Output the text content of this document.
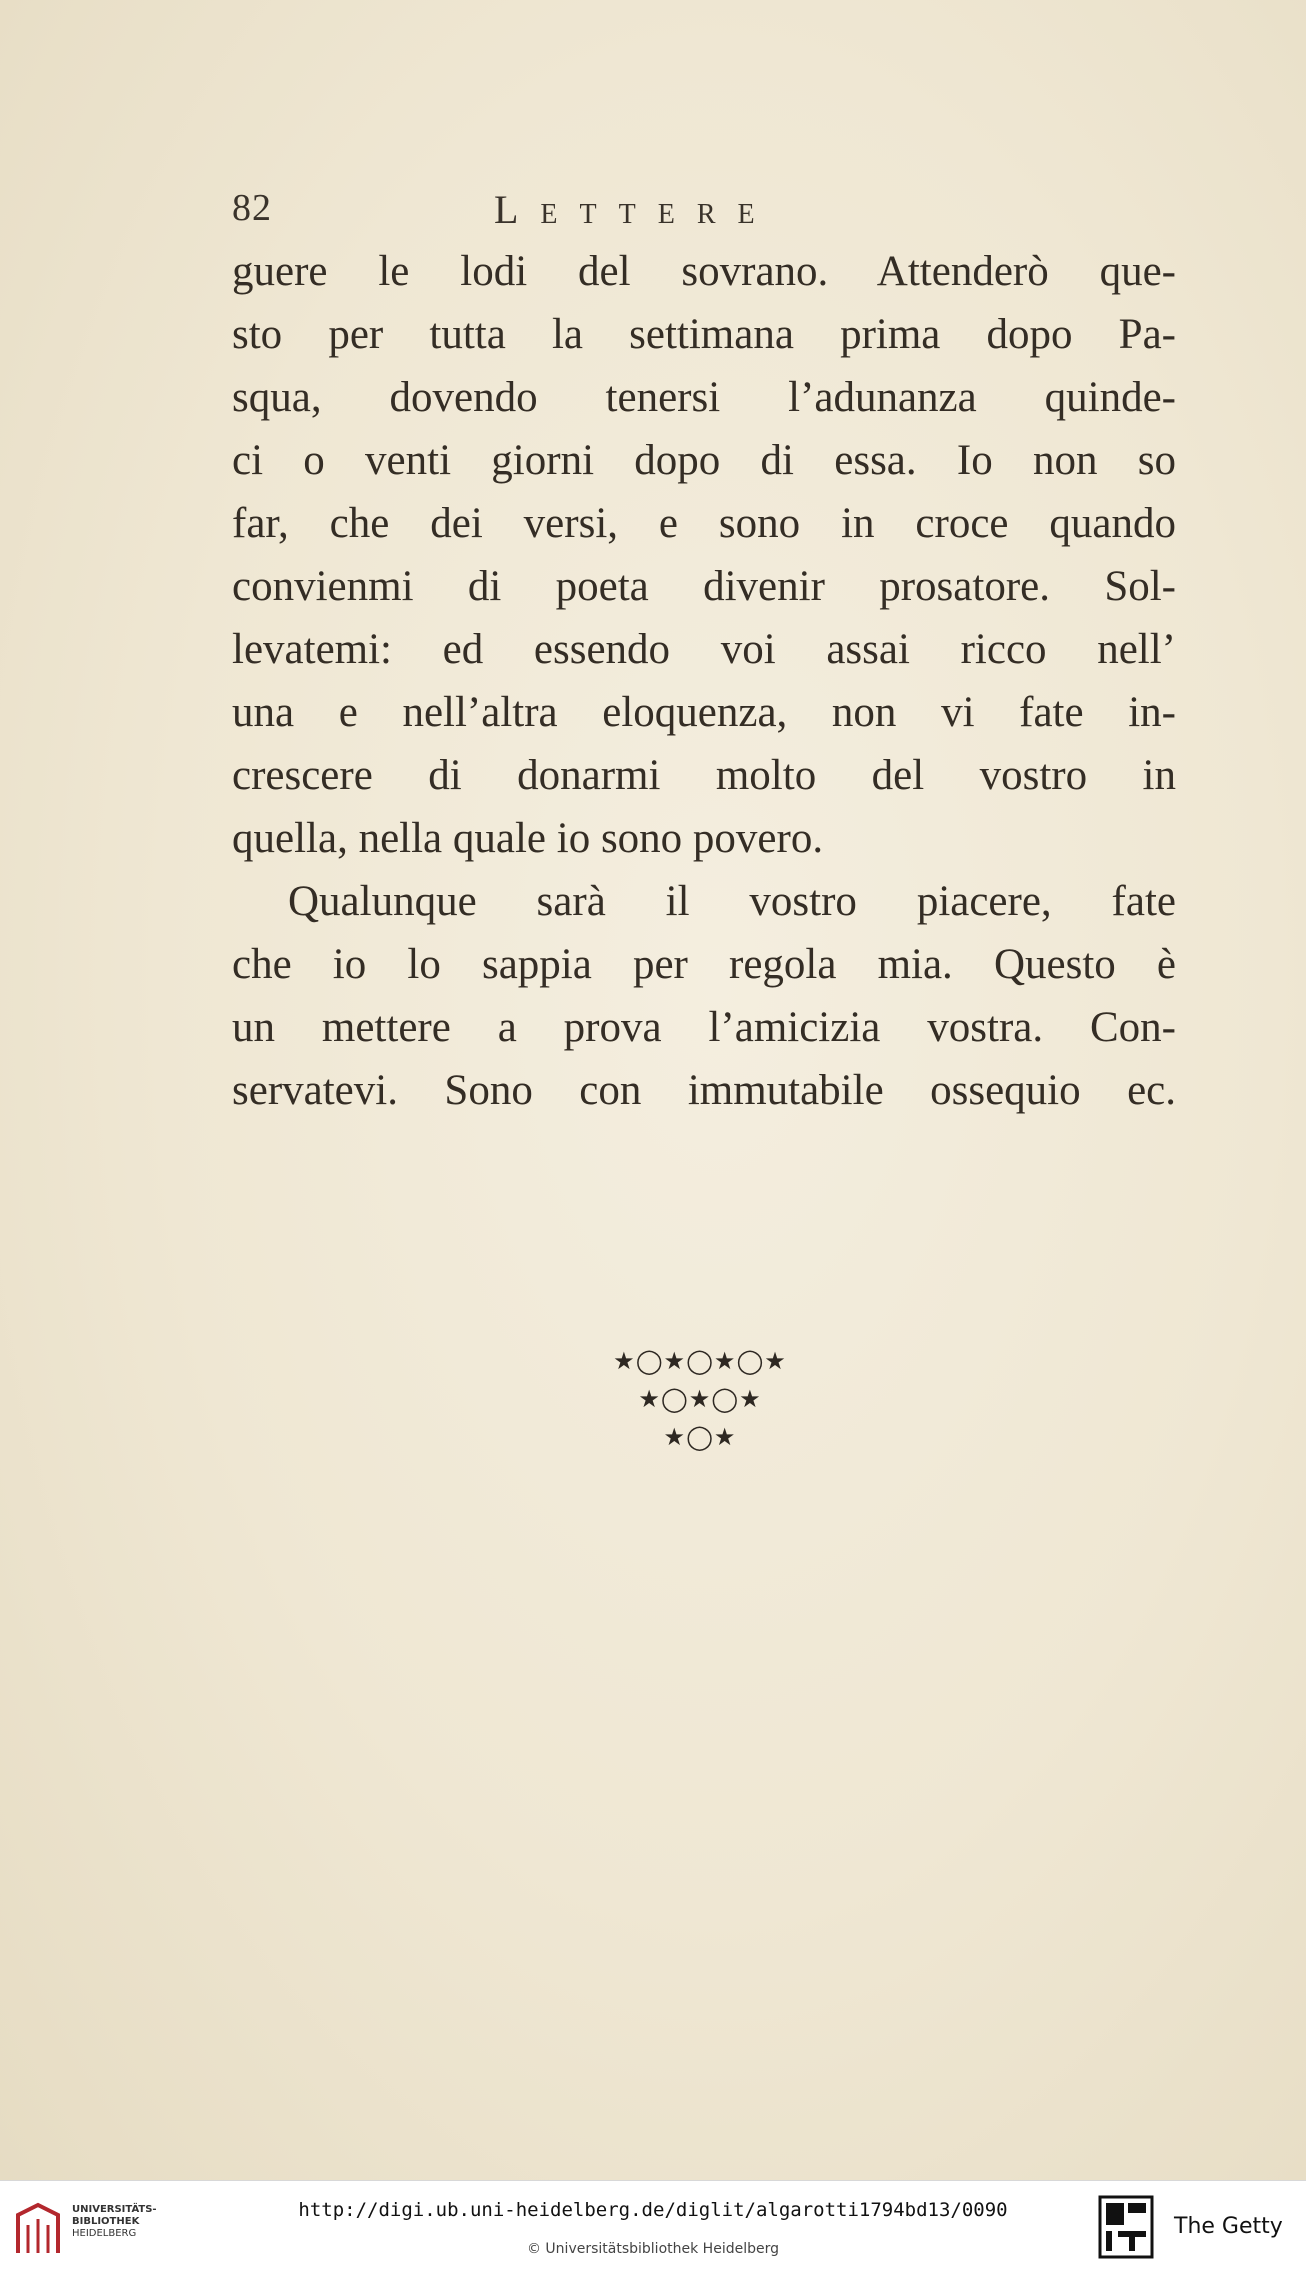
82	Lettere
guere le lodi del sovrano. Attenderò que-
sto per tutta la settimana prima dopo Pa-
squa, dovendo tenersi l’adunanza quinde-
ci o venti giorni dopo di essa. Io non so
far, che dei versi, e sono in croce quando
convienmi di poeta divenir prosatore. Sol-
levatemi: ed essendo voi assai ricco nell’
una e nell’altra eloquenza, non vi fate in-
crescere di donarmi molto del vostro in
quella, nella quale io sono povero.
Qualunque sarà il vostro piacere, fate
che io lo sappia per regola mia. Questo è
un mettere a prova l’amicizia vostra. Con-
servatevi. Sono con immutabile ossequio ec.
★◯★◯★◯★
★◯★◯★
★◯★
UNIVERSITÄTS-
BIBLIOTHEK
HEIDELBERG
http://digi.ub.uni-heidelberg.de/diglit/algarotti1794bd13/0090
© Universitätsbibliothek Heidelberg
The Getty
